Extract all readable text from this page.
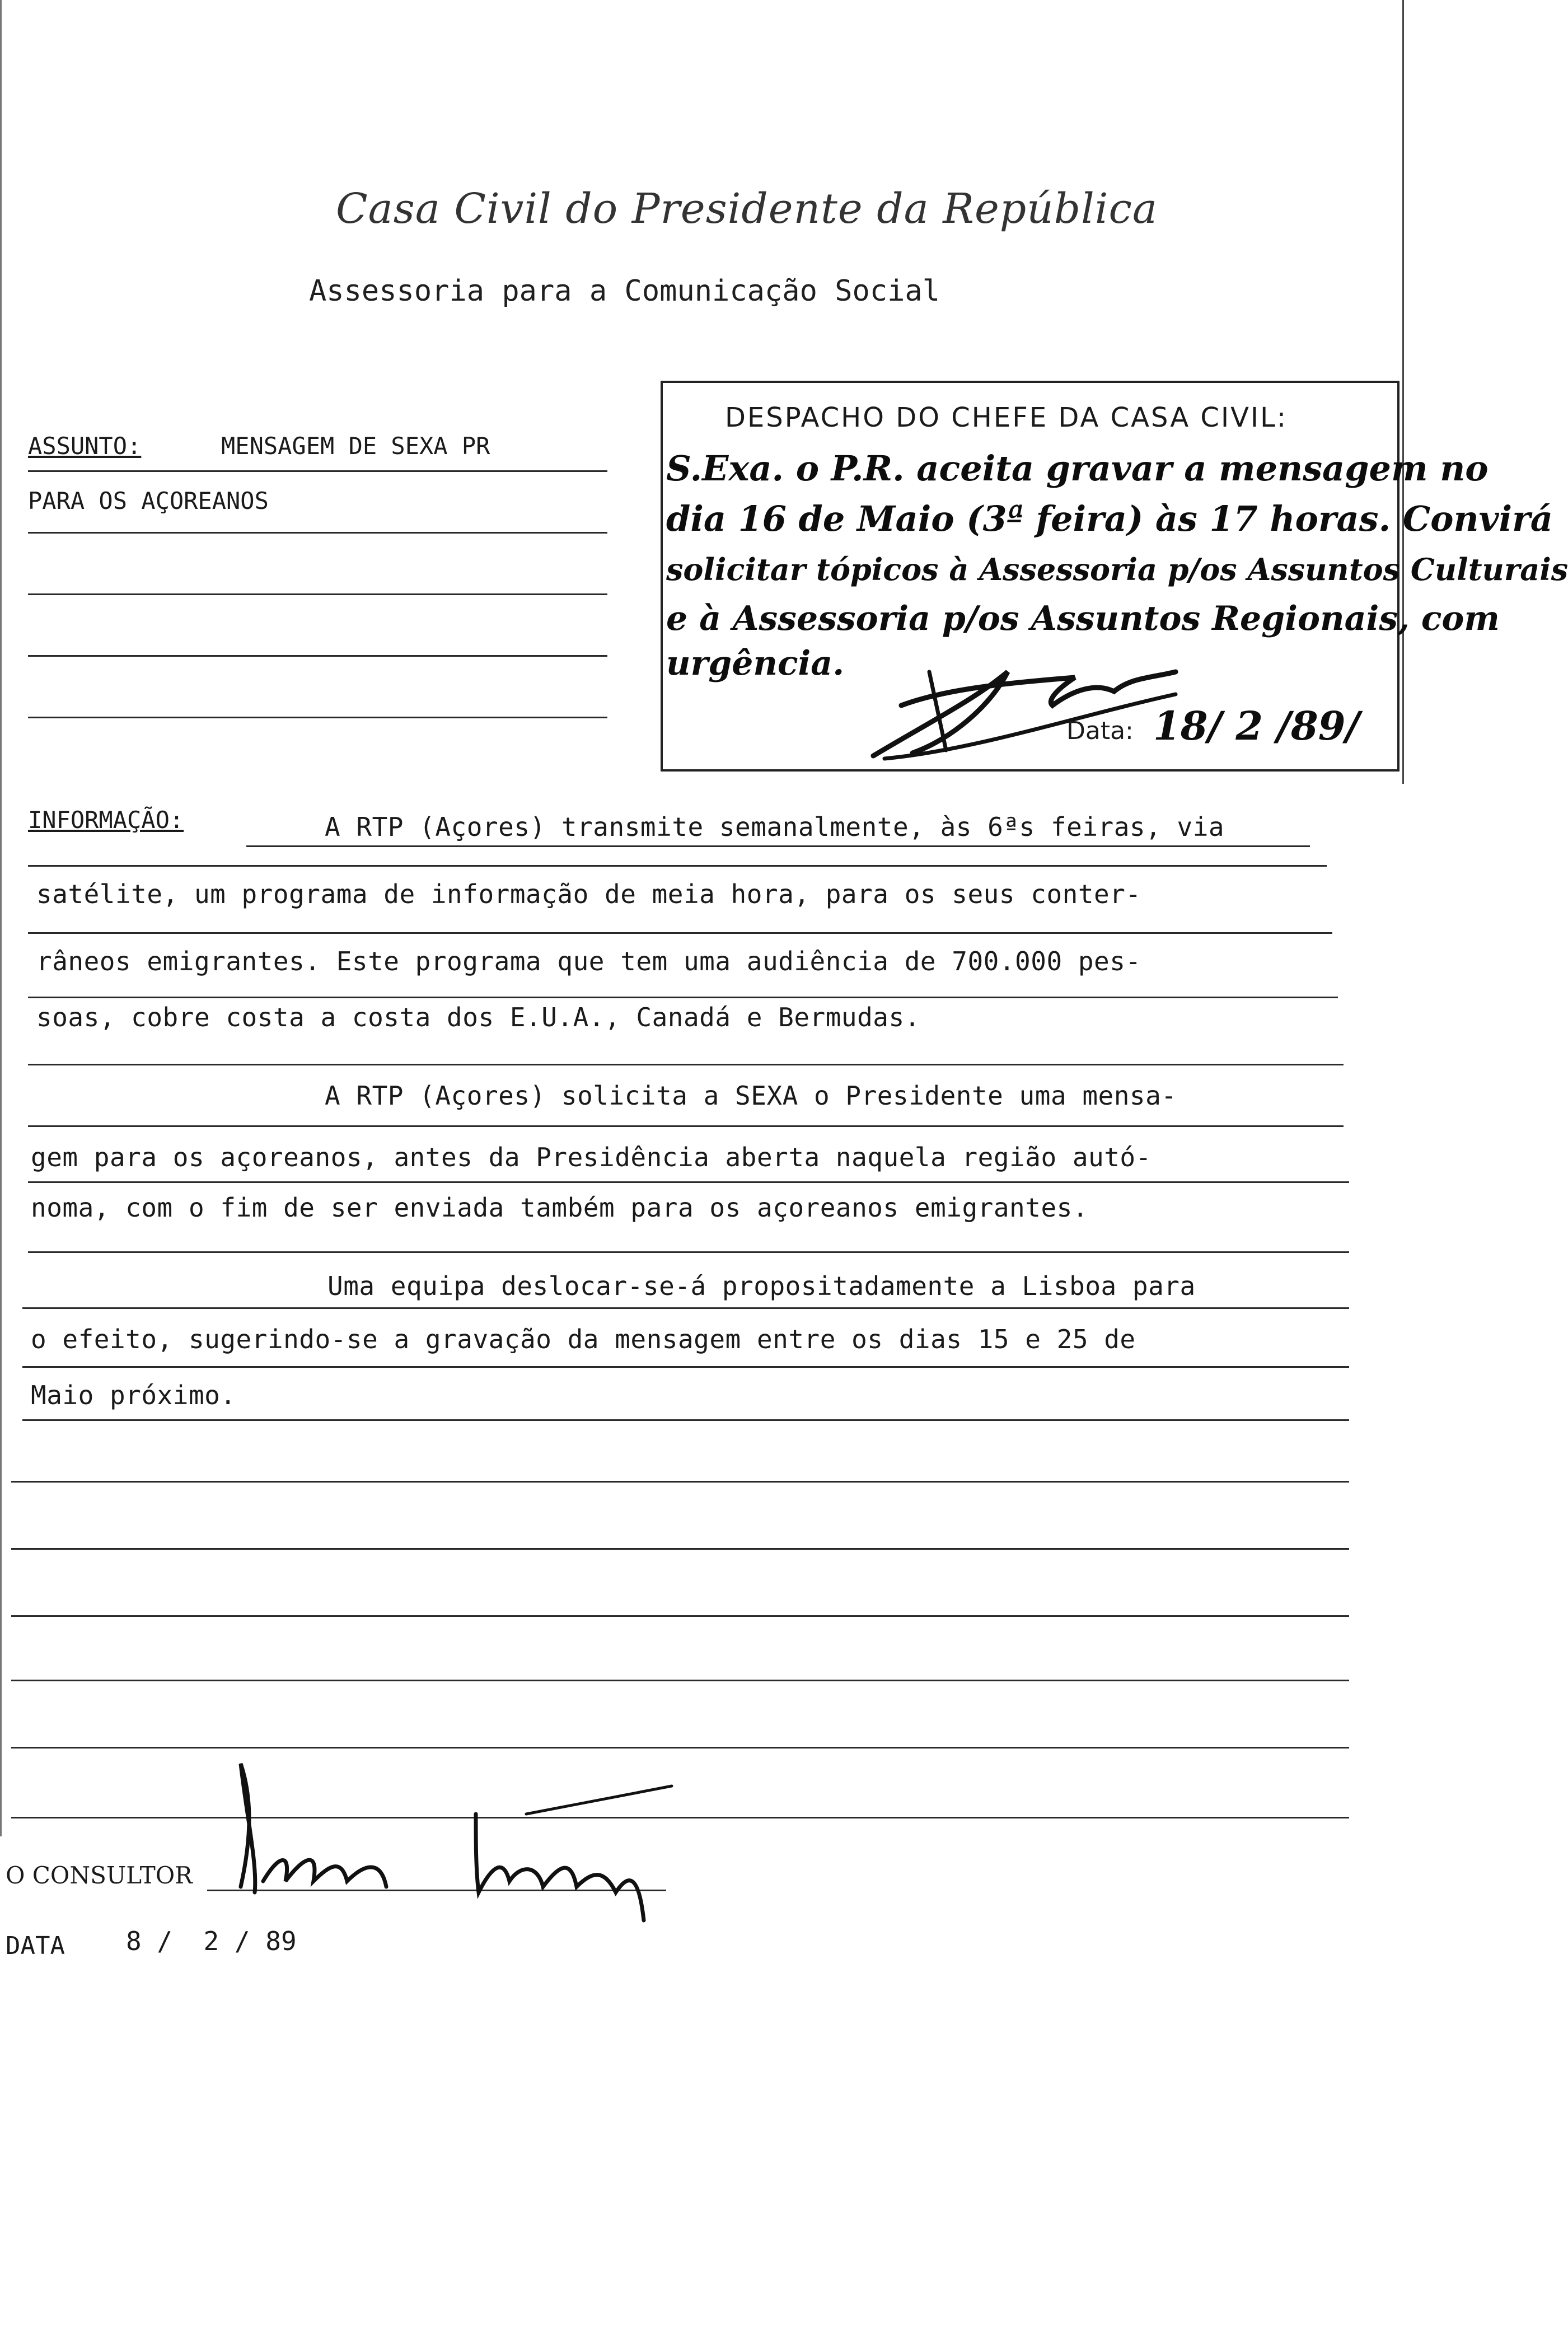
Casa Civil do Presidente da República
Assessoria para a Comunicação Social
ASSUNTO:	MENSAGEM DE SEXA PR
PARA OS AÇOREANOS
DESPACHO DO CHEFE DA CASA CIVIL:
S.Exa. o P.R. aceita gravar a mensagem no
dia 16 de Maio (3ª feira) às 17 horas. Convirá
solicitar tópicos à Assessoria p/os Assuntos Culturais
e à Assessoria p/os Assuntos Regionais, com
urgência.
Data: 18/ 2 /89/
INFORMAÇÃO:	A RTP (Açores) transmite semanalmente, às 6ªs feiras, via
satélite, um programa de informação de meia hora, para os seus conter-
râneos emigrantes. Este programa que tem uma audiência de 700.000 pes-
soas, cobre costa a costa dos E.U.A., Canadá e Bermudas.
A RTP (Açores) solicita a SEXA o Presidente uma mensa-
gem para os açoreanos, antes da Presidência aberta naquela região autó-
noma, com o fim de ser enviada também para os açoreanos emigrantes.
Uma equipa deslocar-se-á propositadamente a Lisboa para
o efeito, sugerindo-se a gravação da mensagem entre os dias 15 e 25 de
Maio próximo.
O CONSULTOR
DATA 8 /  2 / 89
